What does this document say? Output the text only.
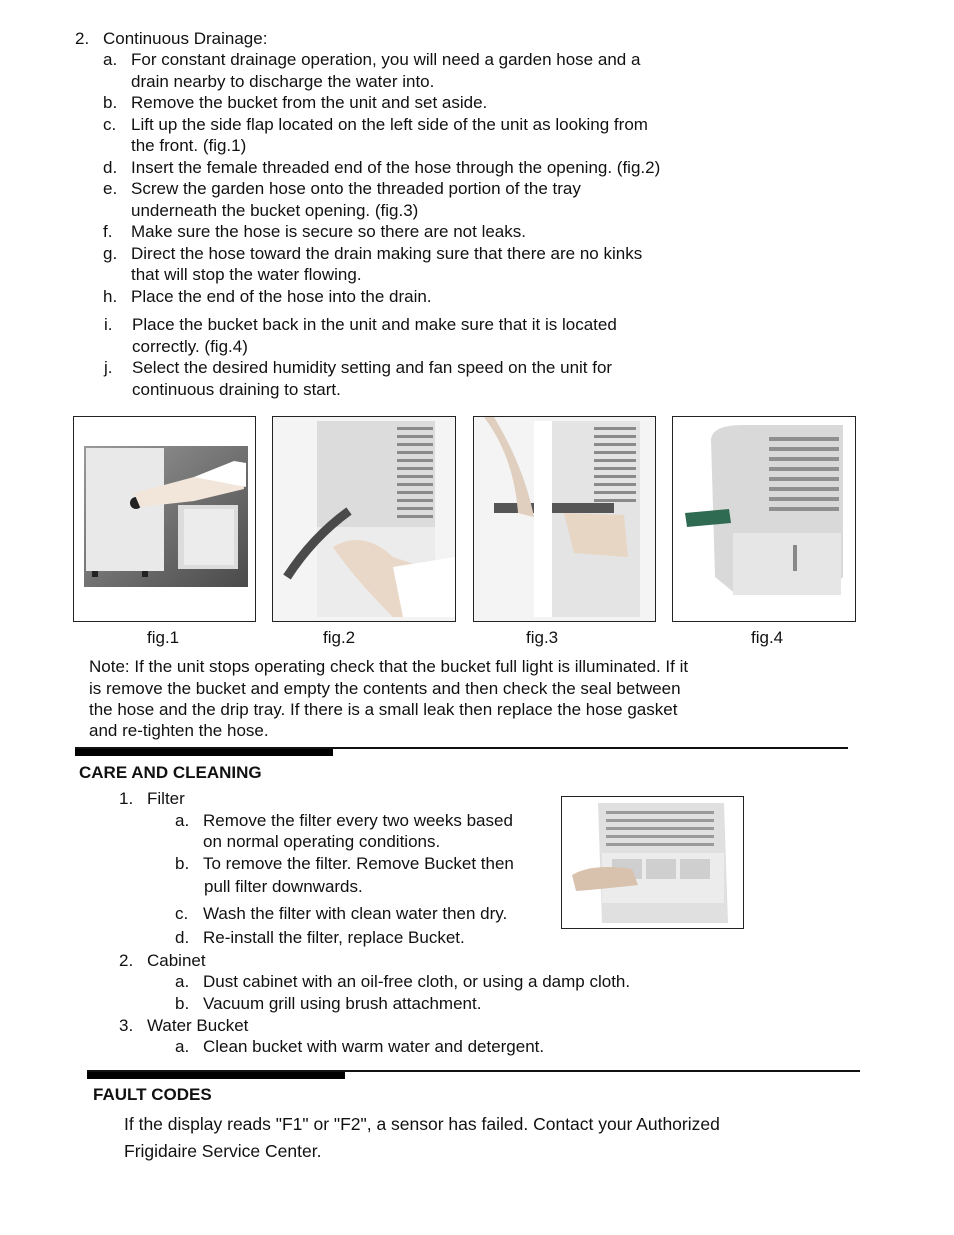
2. Continuous Drainage:
a. For constant drainage operation, you will need a garden hose and a
drain nearby to discharge the water into.
b. Remove the bucket from the unit and set aside.
c. Lift up the side flap located on the left side of the unit as looking from
the front. (fig.1)
d. Insert the female threaded end of the hose through the opening. (fig.2)
e. Screw the garden hose onto the threaded portion of the tray
underneath the bucket opening. (fig.3)
f. Make sure the hose is secure so there are not leaks.
g. Direct the hose toward the drain making sure that there are no kinks
that will stop the water flowing.
h. Place the end of the hose into the drain.
i. Place the bucket back in the unit and make sure that it is located
correctly. (fig.4)
j. Select the desired humidity setting and fan speed on the unit for
continuous draining to start.
fig.1	fig.2	fig.3	fig.4
Note: If the unit stops operating check that the bucket full light is illuminated. If it
is remove the bucket and empty the contents and then check the seal between
the hose and the drip tray. If there is a small leak then replace the hose gasket
and re-tighten the hose.
CARE AND CLEANING
1. Filter
a. Remove the filter every two weeks based
on normal operating conditions.
b. To remove the filter. Remove Bucket then
pull filter downwards.
c. Wash the filter with clean water then dry.
d. Re-install the filter, replace Bucket.
2. Cabinet
a. Dust cabinet with an oil-free cloth, or using a damp cloth.
b. Vacuum grill using brush attachment.
3. Water Bucket
a. Clean bucket with warm water and detergent.
FAULT CODES
If the display reads "F1" or "F2", a sensor has failed. Contact your Authorized
Frigidaire Service Center.
